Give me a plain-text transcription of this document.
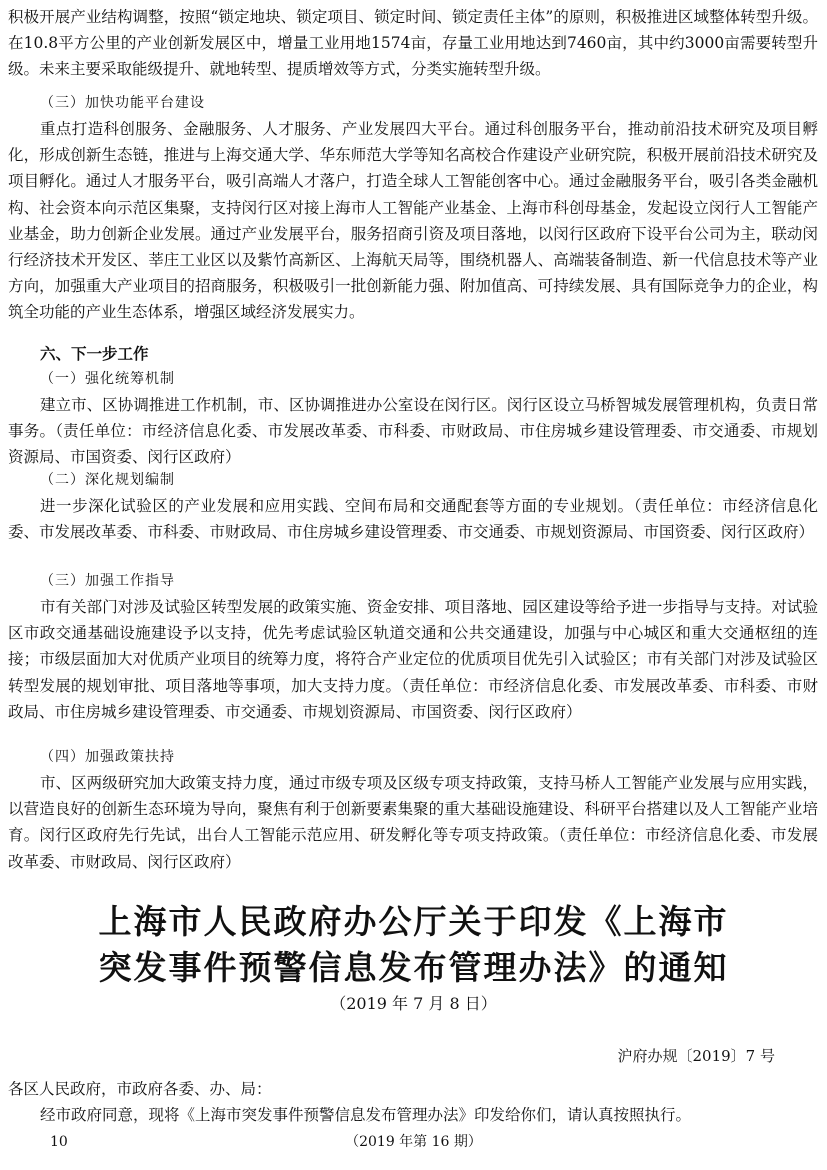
积极开展产业结构调整，按照“锁定地块、锁定项目、锁定时间、锁定责任主体”的原则，积极推进区域整体转型升级。在10.8平方公里的产业创新发展区中，增量工业用地1574亩，存量工业用地达到7460亩，其中约3000亩需要转型升级。未来主要采取能级提升、就地转型、提质增效等方式，分类实施转型升级。

（三）加快功能平台建设

重点打造科创服务、金融服务、人才服务、产业发展四大平台。通过科创服务平台，推动前沿技术研究及项目孵化，形成创新生态链，推进与上海交通大学、华东师范大学等知名高校合作建设产业研究院，积极开展前沿技术研究及项目孵化。通过人才服务平台，吸引高端人才落户，打造全球人工智能创客中心。通过金融服务平台，吸引各类金融机构、社会资本向示范区集聚，支持闵行区对接上海市人工智能产业基金、上海市科创母基金，发起设立闵行人工智能产业基金，助力创新企业发展。通过产业发展平台，服务招商引资及项目落地，以闵行区政府下设平台公司为主，联动闵行经济技术开发区、莘庄工业区以及紫竹高新区、上海航天局等，围绕机器人、高端装备制造、新一代信息技术等产业方向，加强重大产业项目的招商服务，积极吸引一批创新能力强、附加值高、可持续发展、具有国际竞争力的企业，构筑全功能的产业生态体系，增强区域经济发展实力。

六、下一步工作

（一）强化统筹机制

建立市、区协调推进工作机制，市、区协调推进办公室设在闵行区。闵行区设立马桥智城发展管理机构，负责日常事务。（责任单位：市经济信息化委、市发展改革委、市科委、市财政局、市住房城乡建设管理委、市交通委、市规划资源局、市国资委、闵行区政府）

（二）深化规划编制

进一步深化试验区的产业发展和应用实践、空间布局和交通配套等方面的专业规划。（责任单位：市经济信息化委、市发展改革委、市科委、市财政局、市住房城乡建设管理委、市交通委、市规划资源局、市国资委、闵行区政府）

（三）加强工作指导

市有关部门对涉及试验区转型发展的政策实施、资金安排、项目落地、园区建设等给予进一步指导与支持。对试验区市政交通基础设施建设予以支持，优先考虑试验区轨道交通和公共交通建设，加强与中心城区和重大交通枢纽的连接；市级层面加大对优质产业项目的统筹力度，将符合产业定位的优质项目优先引入试验区；市有关部门对涉及试验区转型发展的规划审批、项目落地等事项，加大支持力度。（责任单位：市经济信息化委、市发展改革委、市科委、市财政局、市住房城乡建设管理委、市交通委、市规划资源局、市国资委、闵行区政府）

（四）加强政策扶持

市、区两级研究加大政策支持力度，通过市级专项及区级专项支持政策，支持马桥人工智能产业发展与应用实践，以营造良好的创新生态环境为导向，聚焦有利于创新要素集聚的重大基础设施建设、科研平台搭建以及人工智能产业培育。闵行区政府先行先试，出台人工智能示范应用、研发孵化等专项支持政策。（责任单位：市经济信息化委、市发展改革委、市财政局、闵行区政府）

上海市人民政府办公厅关于印发《上海市

突发事件预警信息发布管理办法》的通知

（2019 年 7 月 8 日）

沪府办规〔2019〕7 号

各区人民政府，市政府各委、办、局：

经市政府同意，现将《上海市突发事件预警信息发布管理办法》印发给你们，请认真按照执行。

10	（2019 年第 16 期）
